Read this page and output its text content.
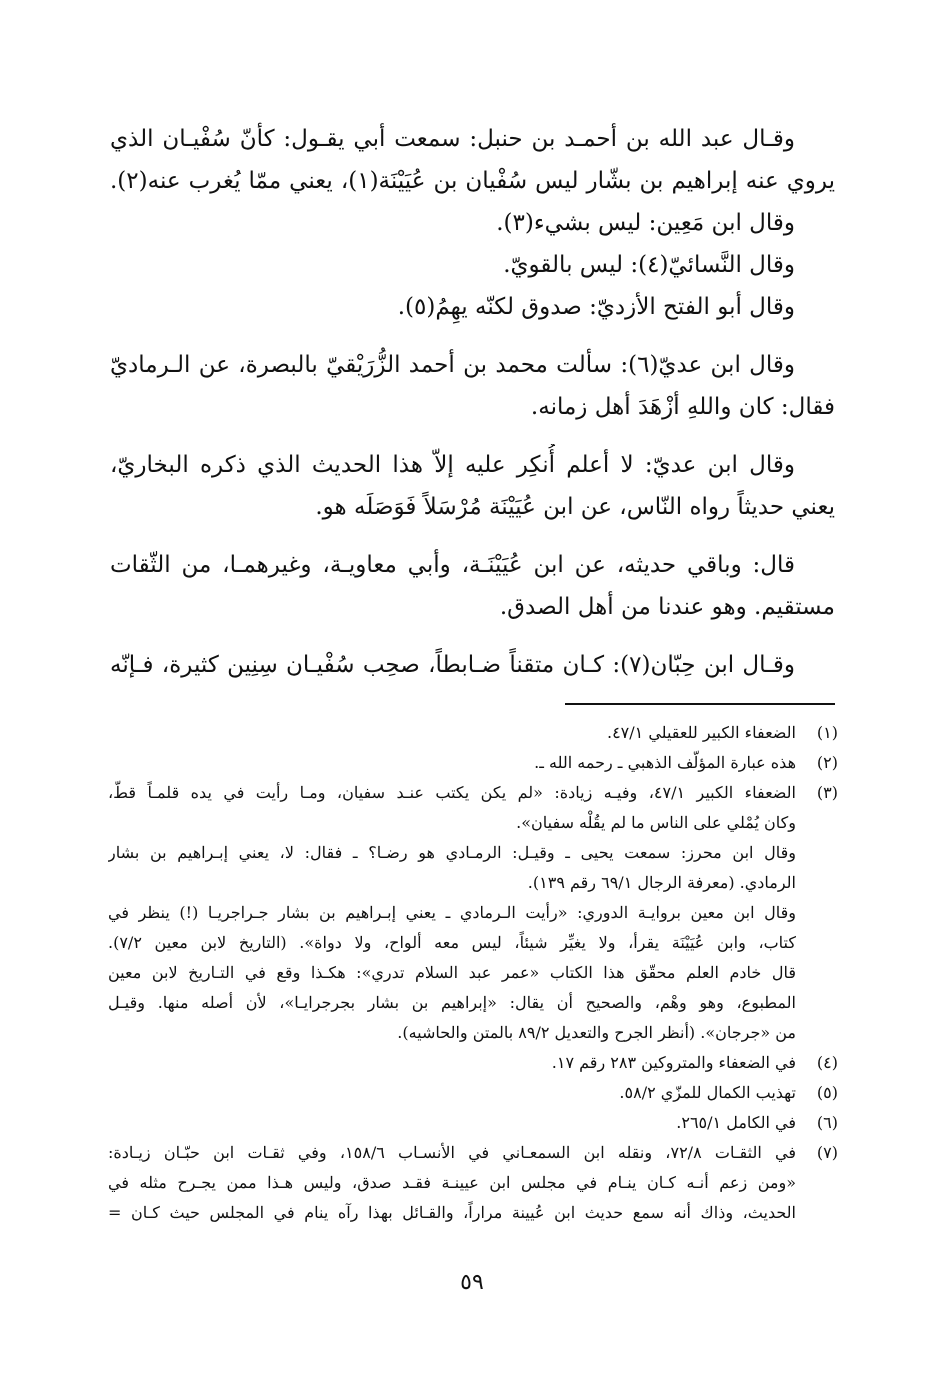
وقـال عبد الله بن أحمـد بن حنبل: سمعت أبي يقـول: كأنّ سُفْيـان الذي
يروي عنه إبراهيم بن بشّار ليس سُفْيان بن عُيَيْنَة(١)، يعني ممّا يُغرب عنه(٢).
وقال ابن مَعِين: ليس بشيء(٣).
وقال النَّسائيّ(٤): ليس بالقويّ.
وقال أبو الفتح الأزديّ: صدوق لكنّه يهِمُ(٥).
وقال ابن عديّ(٦): سألت محمد بن أحمد الزُّرَيْقيّ بالبصرة، عن الـرماديّ
فقال: كان واللهِ أزْهَدَ أهل زمانه.
وقال ابن عديّ: لا أعلم أُنكِر عليه إلاّ هذا الحديث الذي ذكره البخاريّ،
يعني حديثاً رواه النّاس، عن ابن عُيَيْنَة مُرْسَلاً فَوَصَلَه هو.
قال: وباقي حديثه، عن ابن عُيَيْنَـة، وأبي معاويـة، وغيرهمـا، من الثّقات
مستقيم. وهو عندنا من أهل الصدق.
وقـال ابن حِبّان(٧): كـان متقناً ضـابطاً، صحِب سُفْيـان سِنِين كثيرة، فـإنّه
(١)
الضعفاء الكبير للعقيلي ٤٧/١.
(٢)
هذه عبارة المؤلّف الذهبي ـ رحمه الله ـ.
(٣)
الضعفاء الكبير ٤٧/١، وفيـه زيادة: «لم يكن يكتب عنـد سفيان، ومـا رأيت في يده قلمـاً قطّ،
وكان يُمْلي على الناس ما لم يقُلْه سفيان».
وقال ابن محرز: سمعت يحيى ـ وقيـل: الرمـادي هو رضـا؟ ـ فقال: لا، يعني إبـراهيم بن بشار
الرمادي. (معرفة الرجال ٦٩/١ رقم ١٣٩).
وقال ابن معين بروايـة الدوري: «رأيت الـرمادي ـ يعني إبـراهيم بن بشار جـراجريـا (!) ينظر في
كتاب، وابن عُيَيْنَة يقرأ، ولا يغيِّر شيئاً، ليس معه ألواح، ولا دواة». (التاريخ لابن معين ٧/٢).
قال خادم العلم محقّق هذا الكتاب «عمر عبد السلام تدري»: هكـذا وقع في التـاريخ لابن معين
المطبوع، وهو وهْم، والصحيح أن يقال: «إبراهيم بن بشار بجرجرايـا»، لأن أصله منها. وقيـل
من «جرجان». (أنظر الجرح والتعديل ٨٩/٢ بالمتن والحاشيه).
(٤)
في الضعفاء والمتروكين ٢٨٣ رقم ١٧.
(٥)
تهذيب الكمال للمزّي ٥٨/٢.
(٦)
في الكامل ٢٦٥/١.
(٧)
في الثقـات ٧٢/٨، ونقله ابن السمعـاني في الأنسـاب ١٥٨/٦، وفي ثقـات ابن حبّـان زيـادة:
«ومن زعم أنـه كـان ينـام في مجلس ابن عيينـة فقـد صدق، وليس هـذا ممن يجـرح مثله في
الحديث، وذاك أنه سمع حديث ابن عُيينة مراراً، والقـائل بهذا رآه ينام في المجلس حيث كـان =
٥٩
